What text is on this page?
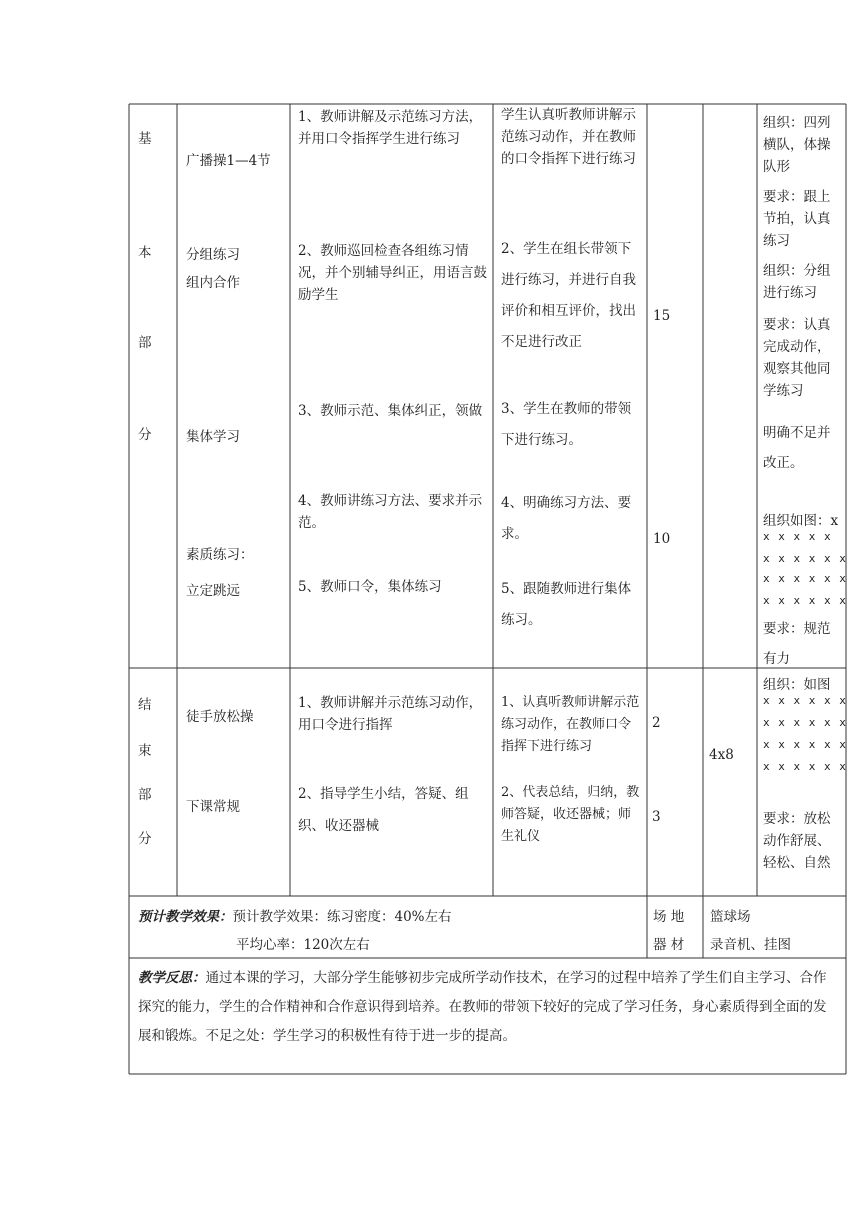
基

本

部

分

广播操1—4节

分组练习

组内合作

集体学习

素质练习：

立定跳远

1、教师讲解及示范练习方法，并用口令指挥学生进行练习

2、教师巡回检查各组练习情况，并个别辅导纠正，用语言鼓励学生

3、教师示范、集体纠正，领做

4、教师讲练习方法、要求并示范。

5、教师口令，集体练习

学生认真听教师讲解示范练习动作，并在教师的口令指挥下进行练习

2、学生在组长带领下进行练习，并进行自我评价和相互评价，找出不足进行改正

3、学生在教师的带领下进行练习。

4、明确练习方法、要求。

5、跟随教师进行集体练习。

15

10

组织：四列横队，体操队形

要求：跟上节拍，认真练习

组织：分组进行练习

要求：认真完成动作，观察其他同学练习

明确不足并改正。

组织如图：x

x x x x x

x x x x x x

x x x x x x

x x x x x x

要求：规范有力

结

束

部

分

徒手放松操

下课常规

1、教师讲解并示范练习动作，用口令进行指挥

2、指导学生小结，答疑、组织、收还器械

1、认真听教师讲解示范练习动作，在教师口令指挥下进行练习

2、代表总结，归纳，教师答疑，收还器械；师生礼仪

2

3

4x8

组织：如图

x x x x x x

x x x x x x

x x x x x x

x x x x x x

要求：放松动作舒展、轻松、自然

预计教学效果：预计教学效果：练习密度：40%左右

平均心率：120次左右

场 地

器 材

篮球场

录音机、挂图

教学反思：通过本课的学习，大部分学生能够初步完成所学动作技术，在学习的过程中培养了学生们自主学习、合作探究的能力，学生的合作精神和合作意识得到培养。在教师的带领下较好的完成了学习任务，身心素质得到全面的发展和锻炼。不足之处：学生学习的积极性有待于进一步的提高。
